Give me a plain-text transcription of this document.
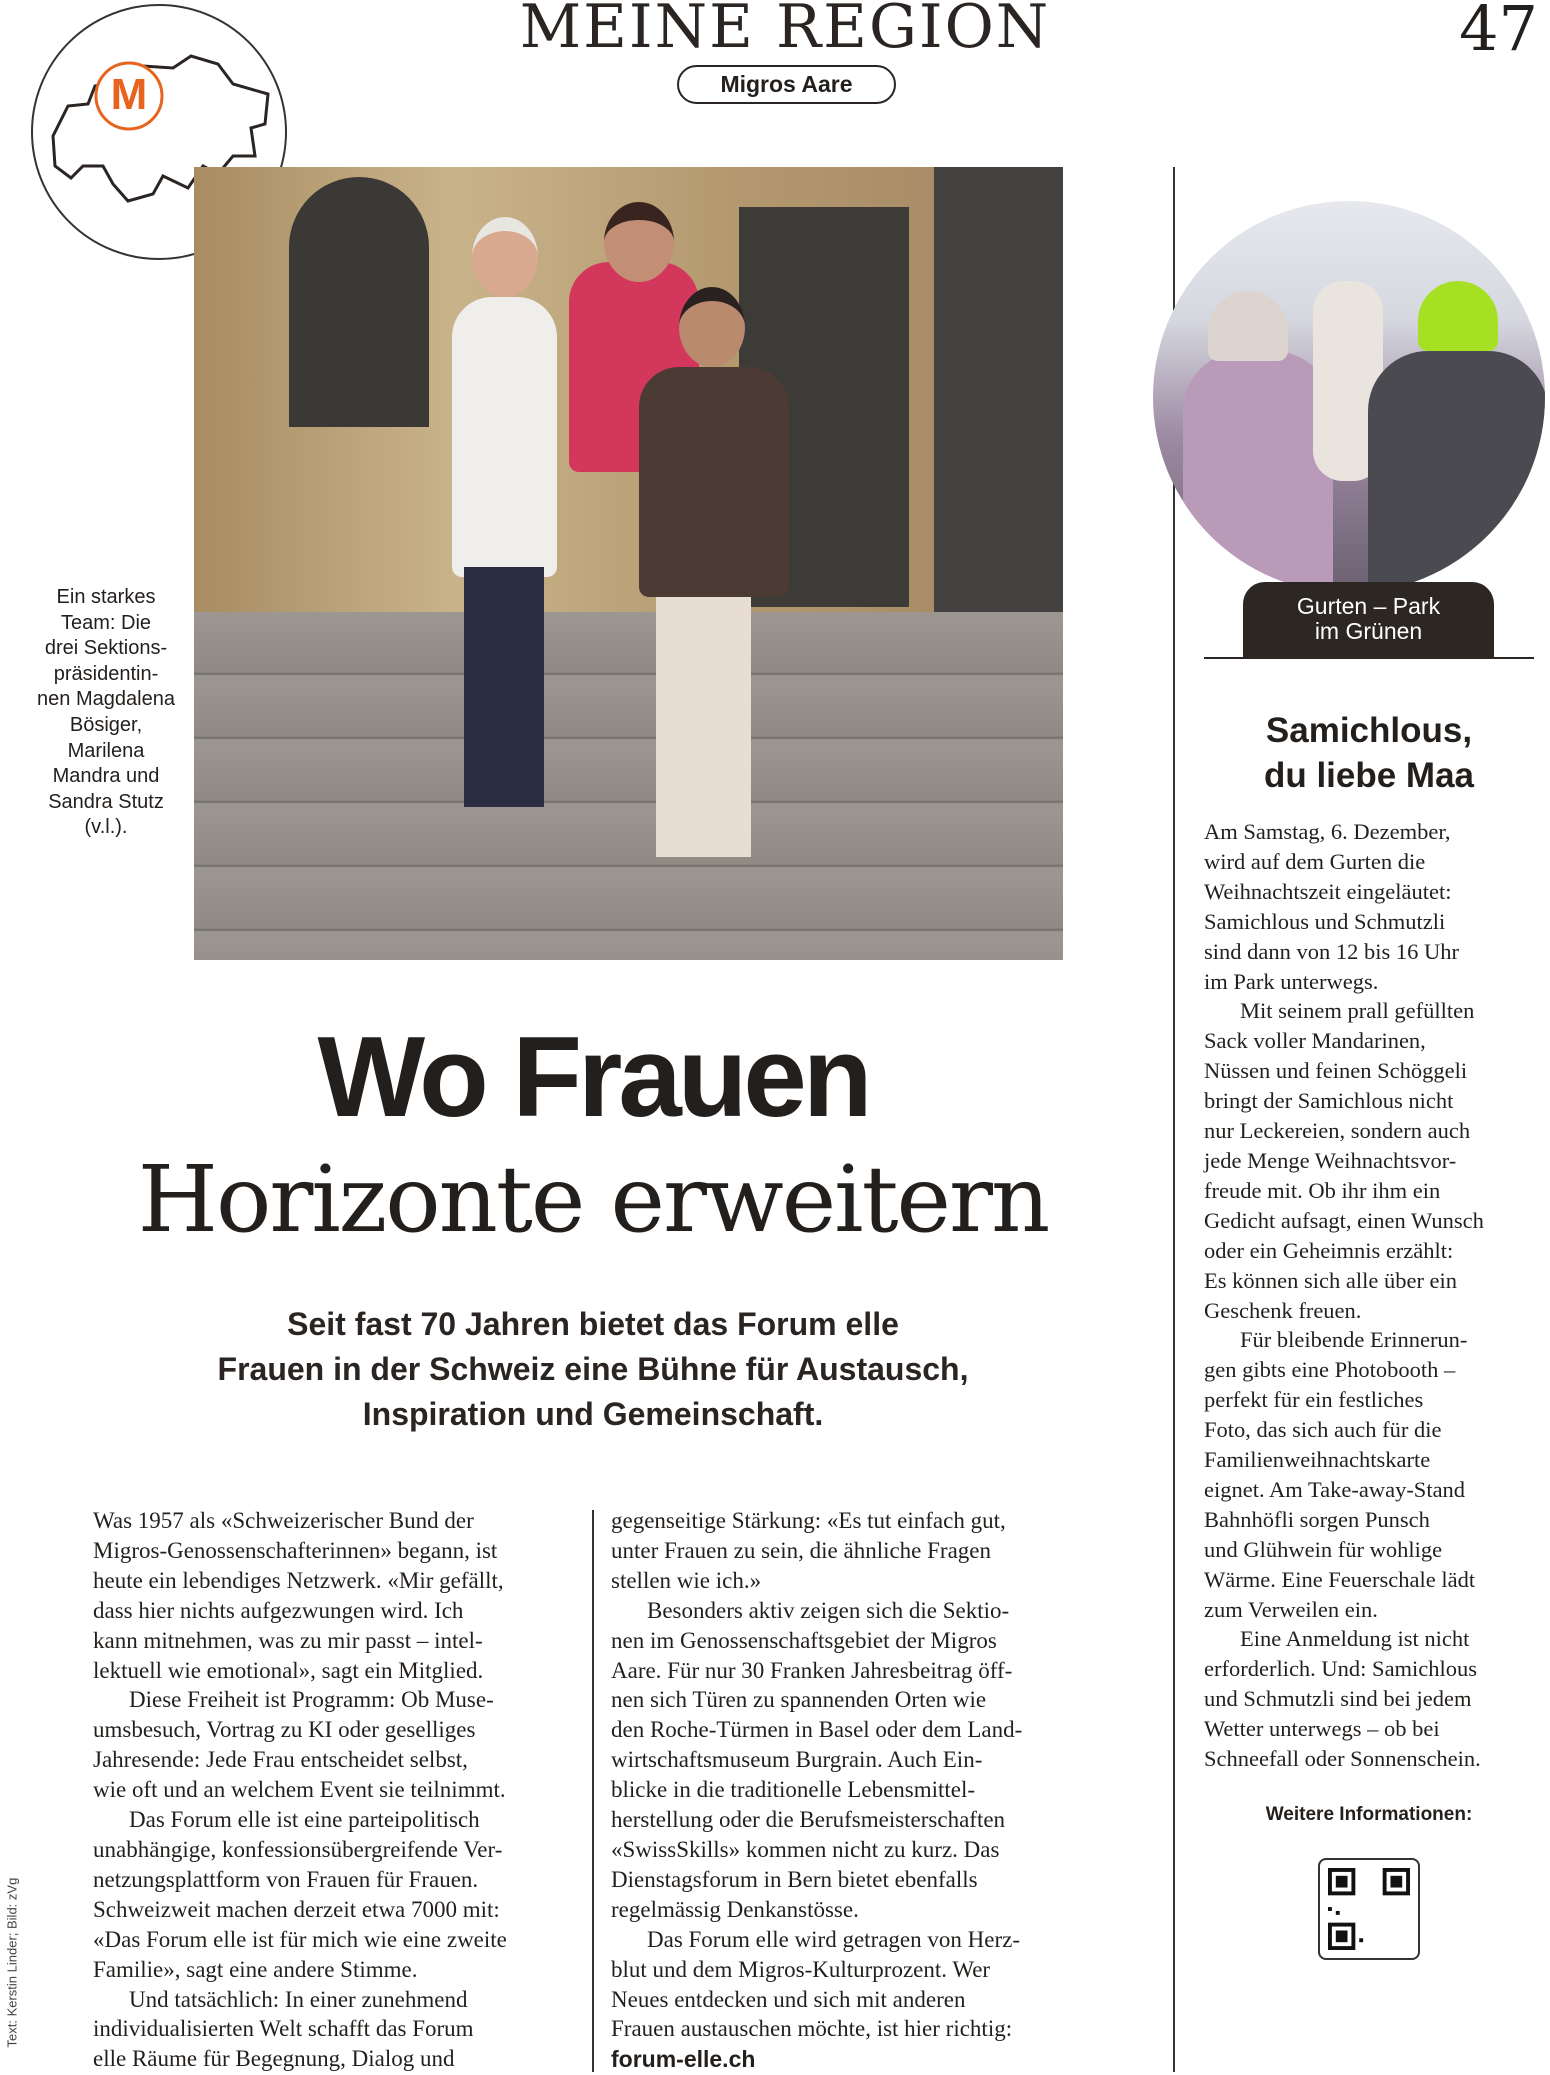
MEINE REGION
Migros Aare
47
M
Ein starkes
Team: Die
drei Sektions-
präsidentin-
nen Magdalena
Bösiger,
Marilena
Mandra und
Sandra Stutz
(v.l.).
Gurten – Park
im Grünen
Samichlous,
du liebe Maa
Am Samstag, 6. Dezember,
wird auf dem Gurten die
Weihnachtszeit eingeläutet:
Samichlous und Schmutzli
sind dann von 12 bis 16 Uhr
im Park unterwegs.
Mit seinem prall gefüllten
Sack voller Mandarinen,
Nüssen und feinen Schöggeli
bringt der Samichlous nicht
nur Leckereien, sondern auch
jede Menge Weihnachtsvor-
freude mit. Ob ihr ihm ein
Gedicht aufsagt, einen Wunsch
oder ein Geheimnis erzählt:
Es können sich alle über ein
Geschenk freuen.
Für bleibende Erinnerun-
gen gibts eine Photobooth –
perfekt für ein festliches
Foto, das sich auch für die
Familienweihnachtskarte
eignet. Am Take-away-Stand
Bahnhöfli sorgen Punsch
und Glühwein für wohlige
Wärme. Eine Feuerschale lädt
zum Verweilen ein.
Eine Anmeldung ist nicht
erforderlich. Und: Samichlous
und Schmutzli sind bei jedem
Wetter unterwegs – ob bei
Schneefall oder Sonnenschein.
Weitere Informationen:
Wo Frauen
Horizonte erweitern
Seit fast 70 Jahren bietet das Forum elle
Frauen in der Schweiz eine Bühne für Austausch,
Inspiration und Gemeinschaft.
Was 1957 als «Schweizerischer Bund der
Migros-Genossenschafterinnen» begann, ist
heute ein lebendiges Netzwerk. «Mir gefällt,
dass hier nichts aufgezwungen wird. Ich
kann mitnehmen, was zu mir passt – intel-
lektuell wie emotional», sagt ein Mitglied.
Diese Freiheit ist Programm: Ob Muse-
umsbesuch, Vortrag zu KI oder geselliges
Jahresende: Jede Frau entscheidet selbst,
wie oft und an welchem Event sie teilnimmt.
Das Forum elle ist eine parteipolitisch
unabhängige, konfessionsübergreifende Ver-
netzungsplattform von Frauen für Frauen.
Schweizweit machen derzeit etwa 7000 mit:
«Das Forum elle ist für mich wie eine zweite
Familie», sagt eine andere Stimme.
Und tatsächlich: In einer zunehmend
individualisierten Welt schafft das Forum
elle Räume für Begegnung, Dialog und
gegenseitige Stärkung: «Es tut einfach gut,
unter Frauen zu sein, die ähnliche Fragen
stellen wie ich.»
Besonders aktiv zeigen sich die Sektio-
nen im Genossenschaftsgebiet der Migros
Aare. Für nur 30 Franken Jahresbeitrag öff-
nen sich Türen zu spannenden Orten wie
den Roche-Türmen in Basel oder dem Land-
wirtschaftsmuseum Burgrain. Auch Ein-
blicke in die traditionelle Lebensmittel-
herstellung oder die Berufsmeisterschaften
«SwissSkills» kommen nicht zu kurz. Das
Dienstagsforum in Bern bietet ebenfalls
regelmässig Denkanstösse.
Das Forum elle wird getragen von Herz-
blut und dem Migros-Kulturprozent. Wer
Neues entdecken und sich mit anderen
Frauen austauschen möchte, ist hier richtig:
forum-elle.ch
Text: Kerstin Linder; Bild: zVg
